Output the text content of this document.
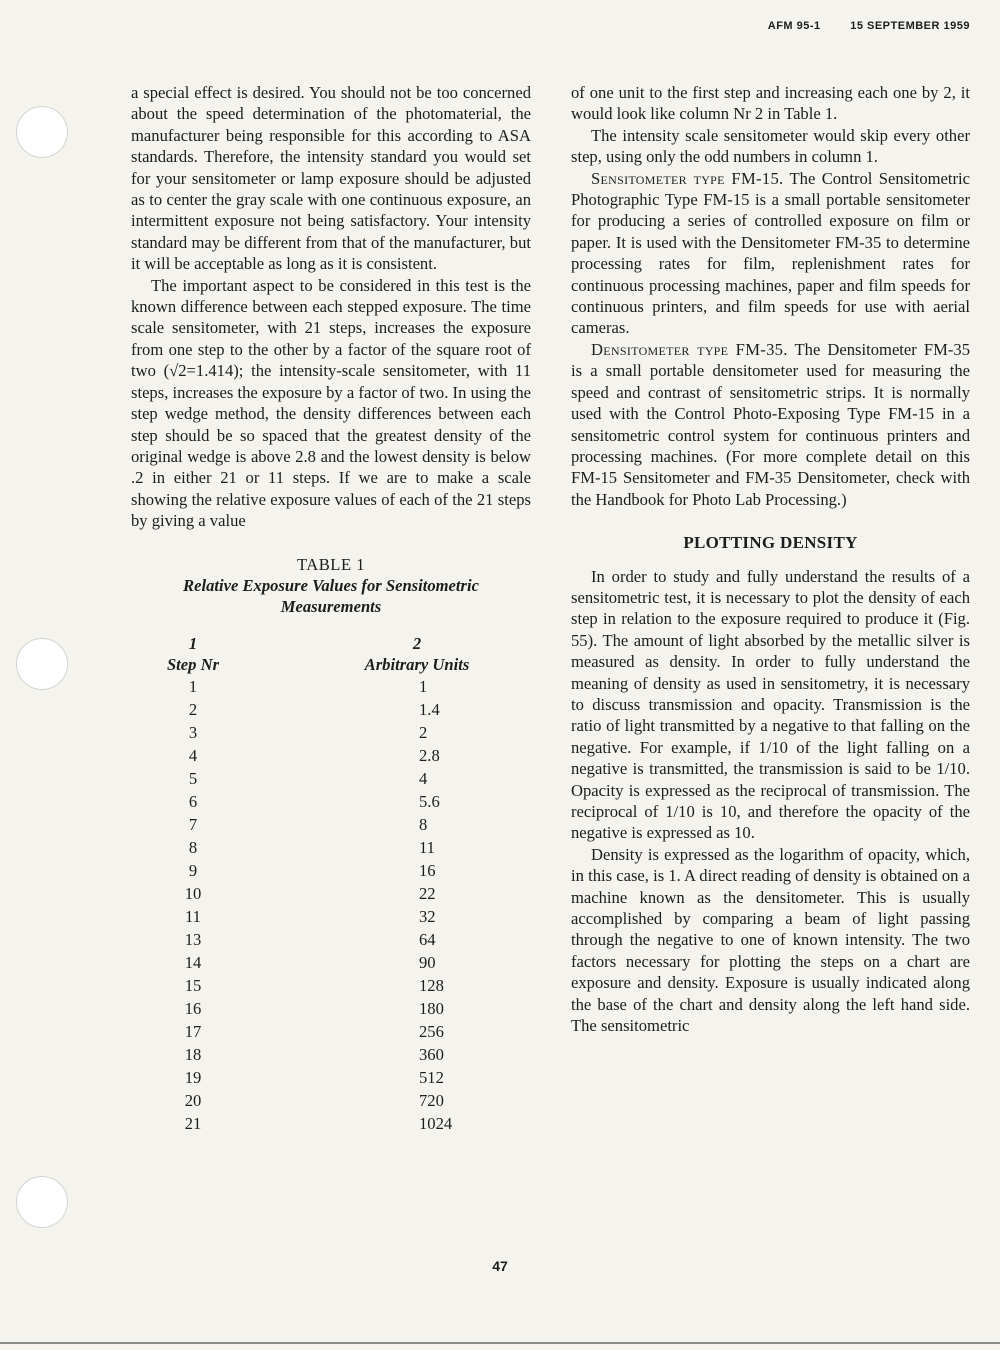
AFM 95-1	15 SEPTEMBER 1959

a special effect is desired. You should not be too concerned about the speed determination of the photomaterial, the manufacturer being responsible for this according to ASA standards. Therefore, the intensity standard you would set for your sensitometer or lamp exposure should be adjusted as to center the gray scale with one continuous exposure, an intermittent exposure not being satisfactory. Your intensity standard may be different from that of the manufacturer, but it will be acceptable as long as it is consistent.

The important aspect to be considered in this test is the known difference between each stepped exposure. The time scale sensitometer, with 21 steps, increases the exposure from one step to the other by a factor of the square root of two (√2=1.414); the intensity-scale sensitometer, with 11 steps, increases the exposure by a factor of two. In using the step wedge method, the density differences between each step should be so spaced that the greatest density of the original wedge is above 2.8 and the lowest density is below .2 in either 21 or 11 steps. If we are to make a scale showing the relative exposure values of each of the 21 steps by giving a value

TABLE 1
Relative Exposure Values for Sensitometric Measurements
1	2
Step Nr	Arbitrary Units
1	1
2	1.4
3	2
4	2.8
5	4
6	5.6
7	8
8	11
9	16
10	22
11	32
13	64
14	90
15	128
16	180
17	256
18	360
19	512
20	720
21	1024

of one unit to the first step and increasing each one by 2, it would look like column Nr 2 in Table 1.

The intensity scale sensitometer would skip every other step, using only the odd numbers in column 1.

Sensitometer type FM-15. The Control Sensitometric Photographic Type FM-15 is a small portable sensitometer for producing a series of controlled exposure on film or paper. It is used with the Densitometer FM-35 to determine processing rates for film, replenishment rates for continuous processing machines, paper and film speeds for continuous printers, and film speeds for use with aerial cameras.

Densitometer type FM-35. The Densitometer FM-35 is a small portable densitometer used for measuring the speed and contrast of sensitometric strips. It is normally used with the Control Photo-Exposing Type FM-15 in a sensitometric control system for continuous printers and processing machines. (For more complete detail on this FM-15 Sensitometer and FM-35 Densitometer, check with the Handbook for Photo Lab Processing.)

PLOTTING DENSITY

In order to study and fully understand the results of a sensitometric test, it is necessary to plot the density of each step in relation to the exposure required to produce it (Fig. 55). The amount of light absorbed by the metallic silver is measured as density. In order to fully understand the meaning of density as used in sensitometry, it is necessary to discuss transmission and opacity. Transmission is the ratio of light transmitted by a negative to that falling on the negative. For example, if 1/10 of the light falling on a negative is transmitted, the transmission is said to be 1/10. Opacity is expressed as the reciprocal of transmission. The reciprocal of 1/10 is 10, and therefore the opacity of the negative is expressed as 10.

Density is expressed as the logarithm of opacity, which, in this case, is 1. A direct reading of density is obtained on a machine known as the densitometer. This is usually accomplished by comparing a beam of light passing through the negative to one of known intensity. The two factors necessary for plotting the steps on a chart are exposure and density. Exposure is usually indicated along the base of the chart and density along the left hand side. The sensitometric

47
